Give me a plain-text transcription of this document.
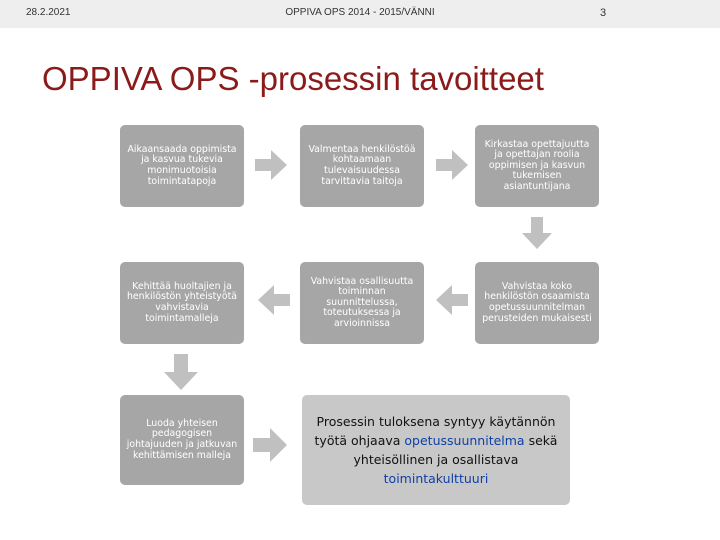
28.2.2021	OPPIVA OPS 2014 - 2015/VÄNNI	3
OPPIVA OPS -prosessin tavoitteet
Aikaansaada oppimista ja kasvua tukevia monimuotoisia toimintatapoja
Valmentaa henkilöstöä kohtaamaan tulevaisuudessa tarvittavia taitoja
Kirkastaa opettajuutta ja opettajan roolia oppimisen ja kasvun tukemisen asiantuntijana
Kehittää huoltajien ja henkilöstön yhteistyötä vahvistavia toimintamalleja
Vahvistaa osallisuutta toiminnan suunnittelussa, toteutuksessa ja arvioinnissa
Vahvistaa koko henkilöstön osaamista opetussuunnitelman perusteiden mukaisesti
Luoda yhteisen pedagogisen johtajuuden ja jatkuvan kehittämisen malleja
Prosessin tuloksena syntyy käytännön työtä ohjaava opetussuunnitelma sekä yhteisöllinen ja osallistava toimintakulttuuri
